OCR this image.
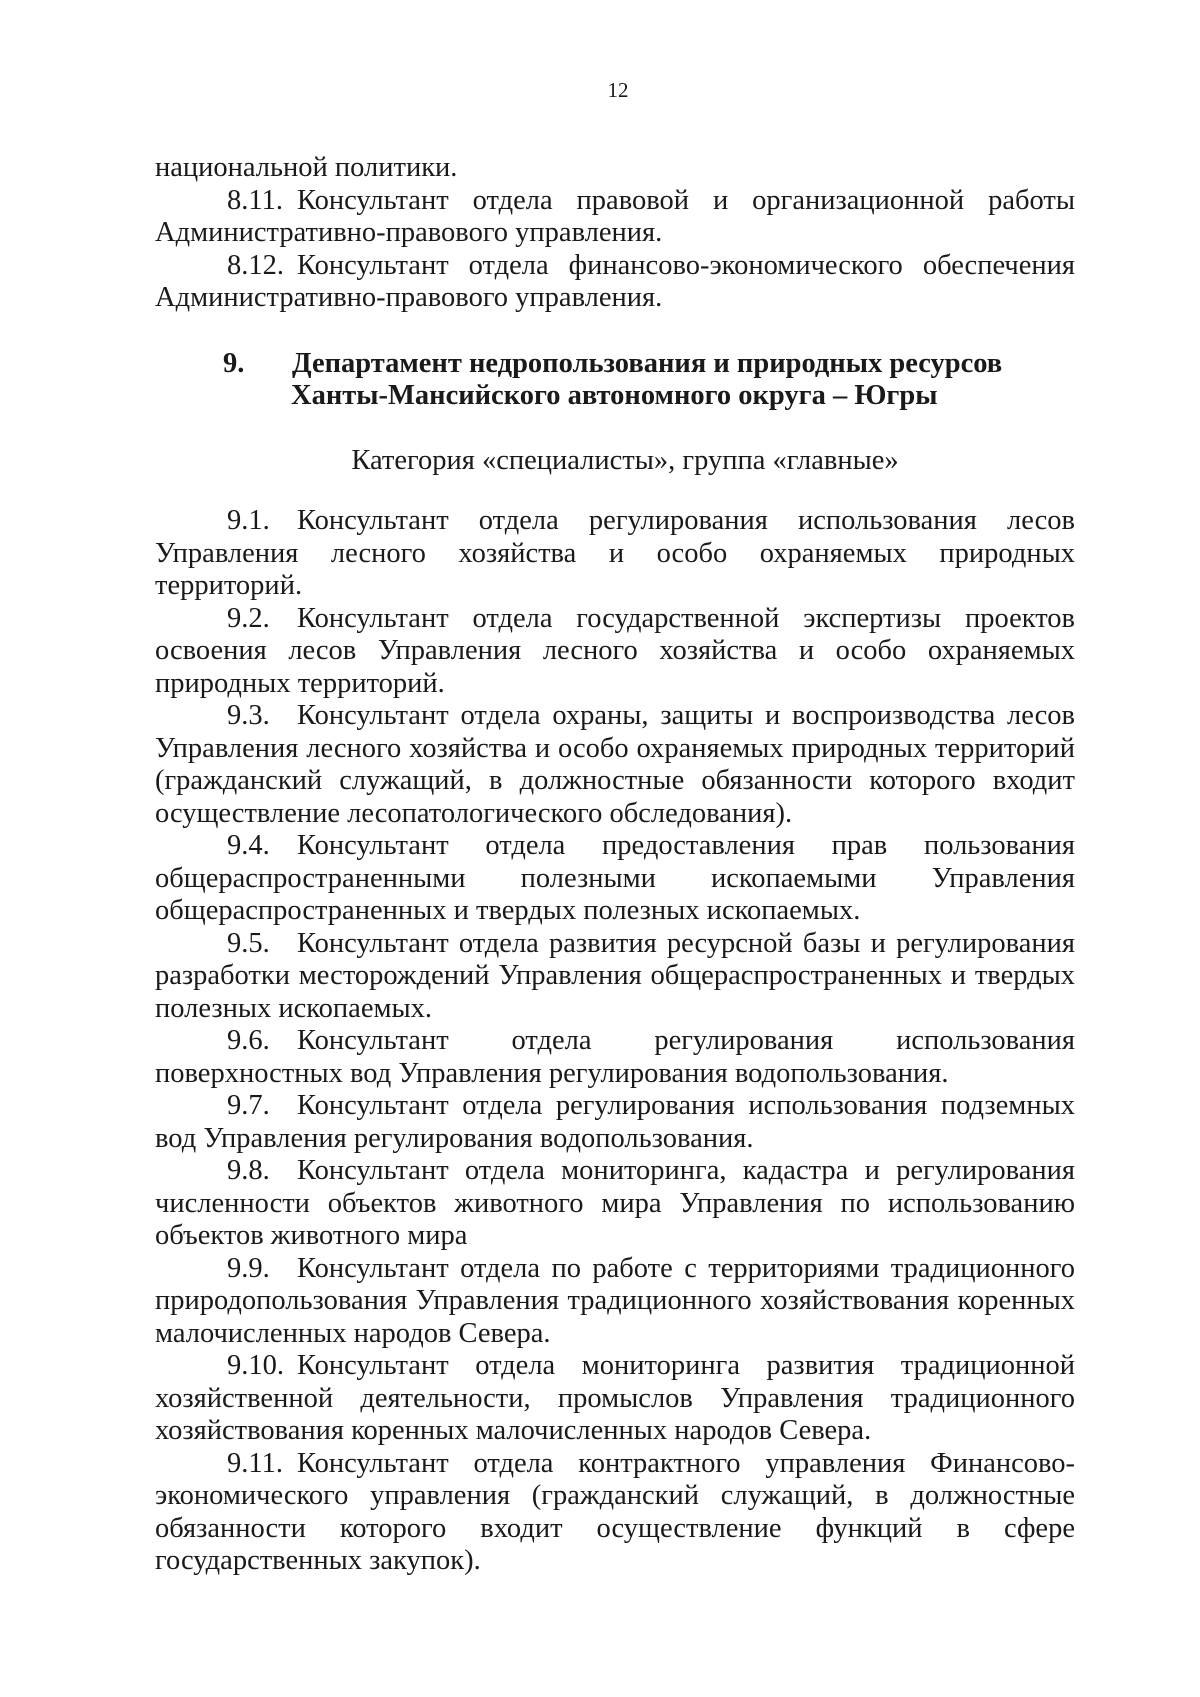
12

национальной политики.

8.11. Консультант отдела правовой и организационной работы Административно-правового управления.

8.12. Консультант отдела финансово-экономического обеспечения Административно-правового управления.

9.	Департамент недропользования и природных ресурсов
Ханты-Мансийского автономного округа – Югры
Категория «специалисты», группа «главные»

9.1. Консультант отдела регулирования использования лесов Управления лесного хозяйства и особо охраняемых природных территорий.

9.2. Консультант отдела государственной экспертизы проектов освоения лесов Управления лесного хозяйства и особо охраняемых природных территорий.

9.3. Консультант отдела охраны, защиты и воспроизводства лесов Управления лесного хозяйства и особо охраняемых природных территорий (гражданский служащий, в должностные обязанности которого входит осуществление лесопатологического обследования).

9.4. Консультант отдела предоставления прав пользования общераспространенными полезными ископаемыми Управления общераспространенных и твердых полезных ископаемых.

9.5. Консультант отдела развития ресурсной базы и регулирования разработки месторождений Управления общераспространенных и твердых полезных ископаемых.

9.6. Консультант отдела регулирования использования поверхностных вод Управления регулирования водопользования.

9.7. Консультант отдела регулирования использования подземных вод Управления регулирования водопользования.

9.8. Консультант отдела мониторинга, кадастра и регулирования численности объектов животного мира Управления по использованию объектов животного мира

9.9. Консультант отдела по работе с территориями традиционного природопользования Управления традиционного хозяйствования коренных малочисленных народов Севера.

9.10. Консультант отдела мониторинга развития традиционной хозяйственной деятельности, промыслов Управления традиционного хозяйствования коренных малочисленных народов Севера.

9.11. Консультант отдела контрактного управления Финансово-экономического управления (гражданский служащий, в должностные обязанности которого входит осуществление функций в сфере государственных закупок).
